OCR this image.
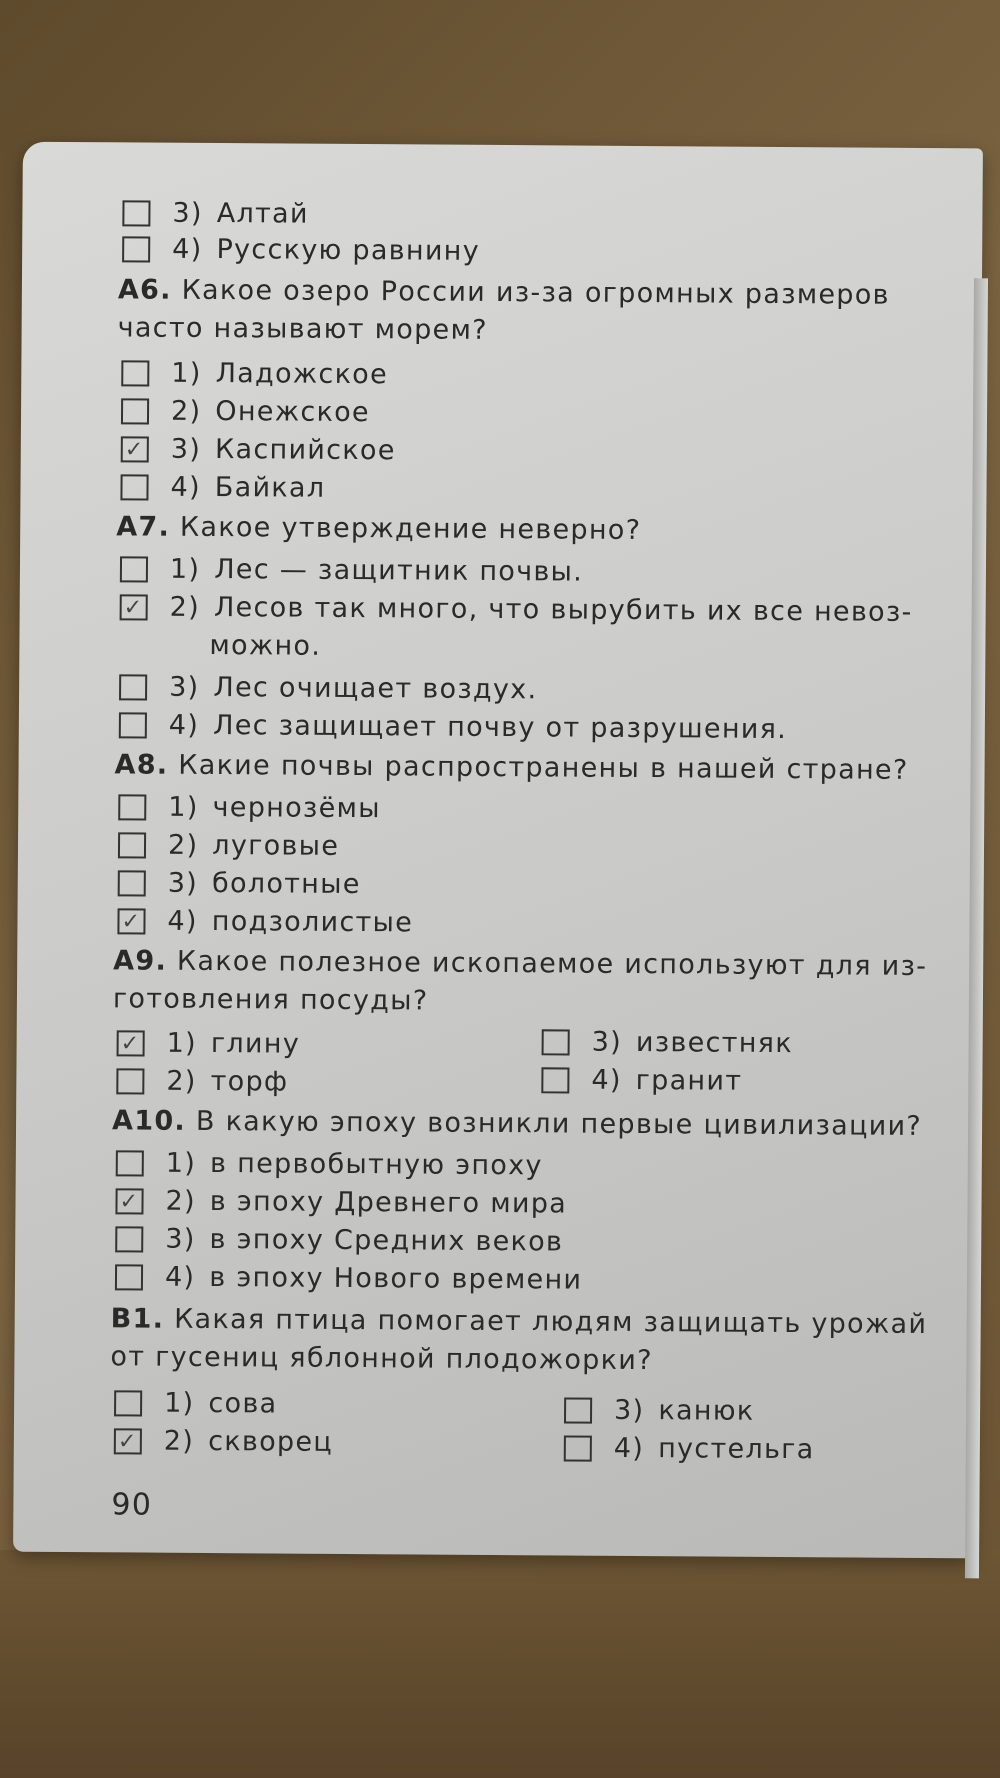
3) Алтай
4) Русскую равнину
А6. Какое озеро России из-за огромных размеров
часто называют морем?
1) Ладожское
2) Онежское
✓ 3) Каспийское
4) Байкал
А7. Какое утверждение неверно?
1) Лес — защитник почвы.
✓ 2) Лесов так много, что вырубить их все невоз-
можно.
3) Лес очищает воздух.
4) Лес защищает почву от разрушения.
А8. Какие почвы распространены в нашей стране?
1) чернозёмы
2) луговые
3) болотные
✓ 4) подзолистые
А9. Какое полезное ископаемое используют для из-
готовления посуды?
✓ 1) глину
2) торф
3) известняк
4) гранит
А10. В какую эпоху возникли первые цивилизации?
1) в первобытную эпоху
✓ 2) в эпоху Древнего мира
3) в эпоху Средних веков
4) в эпоху Нового времени
В1. Какая птица помогает людям защищать урожай
от гусениц яблонной плодожорки?
1) сова
✓ 2) скворец
3) канюк
4) пустельга
90
